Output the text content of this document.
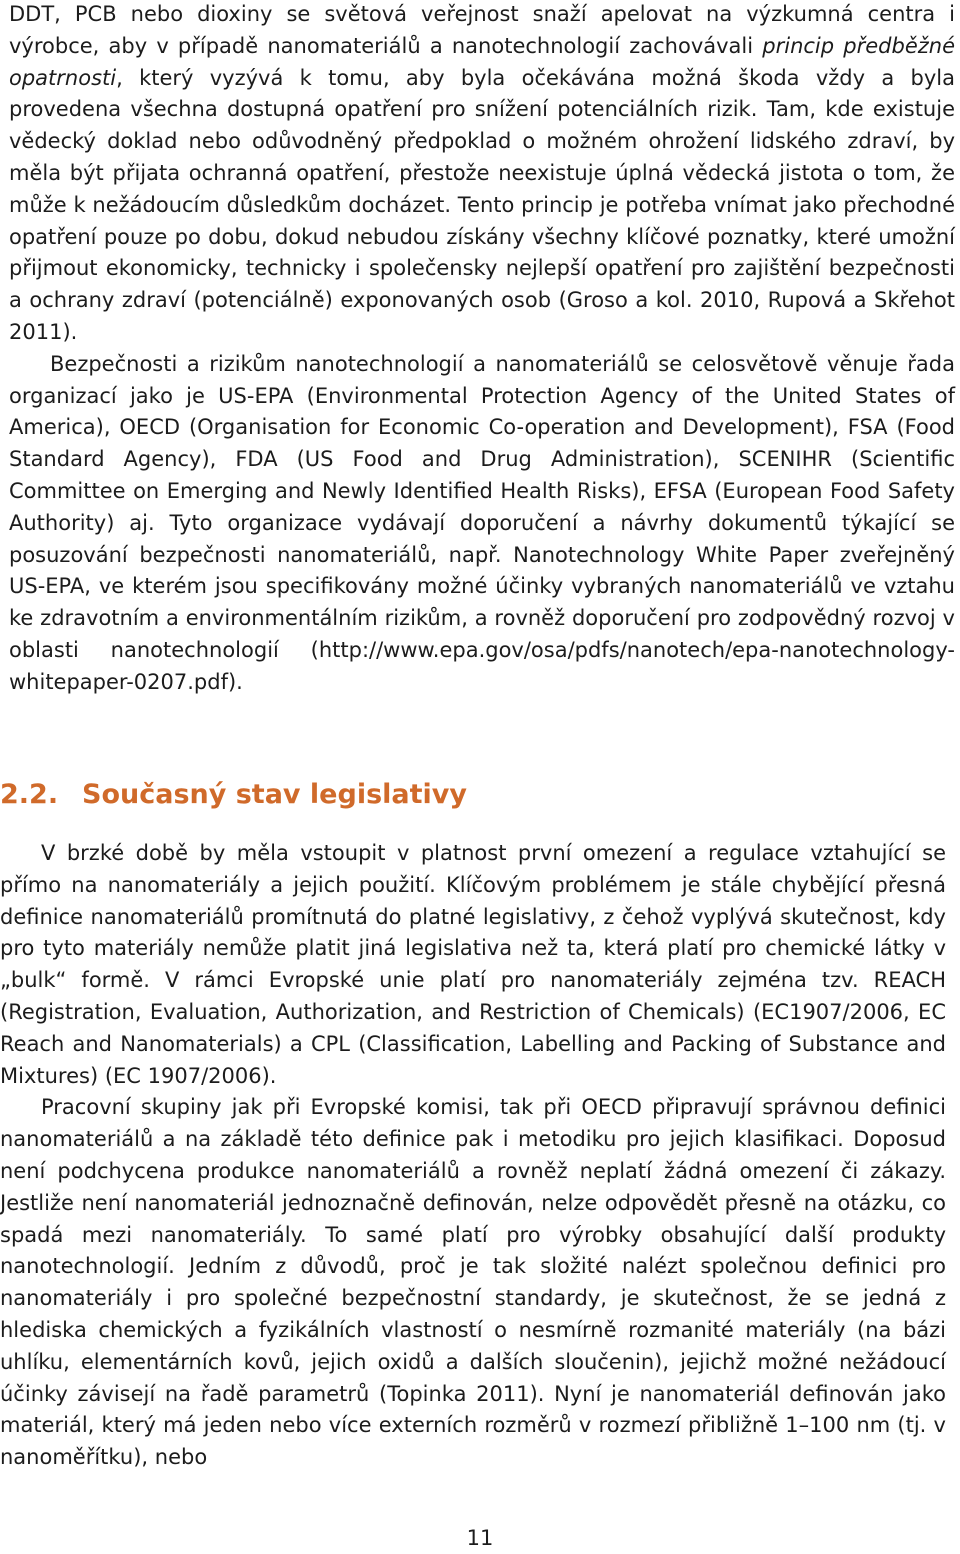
DDT, PCB nebo dioxiny se světová veřejnost snaží apelovat na výzkumná centra i výrobce, aby v případě nanomateriálů a nanotechnologií zachovávali princip předběžné opatrnosti, který vyzývá k tomu, aby byla očekávána možná škoda vždy a byla provedena všechna dostupná opatření pro snížení potenciálních rizik. Tam, kde existuje vědecký doklad nebo odůvodněný předpoklad o možném ohrožení lidského zdraví, by měla být přijata ochranná opatření, přestože neexistuje úplná vědecká jistota o tom, že může k nežádoucím důsledkům docházet. Tento princip je potřeba vnímat jako přechodné opatření pouze po dobu, dokud nebudou získány všechny klíčové poznatky, které umožní přijmout ekonomicky, technicky i společensky nejlepší opatření pro zajištění bezpečnosti a ochrany zdraví (potenciálně) exponovaných osob (Groso a kol. 2010, Rupová a Skřehot 2011).

Bezpečnosti a rizikům nanotechnologií a nanomateriálů se celosvětově věnuje řada organizací jako je US-EPA (Environmental Protection Agency of the United States of America), OECD (Organisation for Economic Co-operation and Development), FSA (Food Standard Agency), FDA (US Food and Drug Administration), SCENIHR (Scientific Committee on Emerging and Newly Identified Health Risks), EFSA (European Food Safety Authority) aj. Tyto organizace vydávají doporučení a návrhy dokumentů týkající se posuzování bezpečnosti nanomateriálů, např. Nanotechnology White Paper zveřejněný US-EPA, ve kterém jsou specifikovány možné účinky vybraných nanomateriálů ve vztahu ke zdravotním a environmentálním rizikům, a rovněž doporučení pro zodpovědný rozvoj v oblasti nanotechnologií (http://www.epa.gov/osa/pdfs/nanotech/epa-nanotechnology-whitepaper-0207.pdf).

2.2. Současný stav legislativy

V brzké době by měla vstoupit v platnost první omezení a regulace vztahující se přímo na nanomateriály a jejich použití. Klíčovým problémem je stále chybějící přesná definice nanomateriálů promítnutá do platné legislativy, z čehož vyplývá skutečnost, kdy pro tyto materiály nemůže platit jiná legislativa než ta, která platí pro chemické látky v „bulk“ formě. V rámci Evropské unie platí pro nanomateriály zejména tzv. REACH (Registration, Evaluation, Authorization, and Restriction of Chemicals) (EC1907/2006, EC Reach and Nanomaterials) a CPL (Classification, Labelling and Packing of Substance and Mixtures) (EC 1907/2006).

Pracovní skupiny jak při Evropské komisi, tak při OECD připravují správnou definici nanomateriálů a na základě této definice pak i metodiku pro jejich klasifikaci. Doposud není podchycena produkce nanomateriálů a rovněž neplatí žádná omezení či zákazy. Jestliže není nanomateriál jednoznačně definován, nelze odpovědět přesně na otázku, co spadá mezi nanomateriály. To samé platí pro výrobky obsahující další produkty nanotechnologií. Jedním z důvodů, proč je tak složité nalézt společnou definici pro nanomateriály i pro společné bezpečnostní standardy, je skutečnost, že se jedná z hlediska chemických a fyzikálních vlastností o nesmírně rozmanité materiály (na bázi uhlíku, elementárních kovů, jejich oxidů a dalších sloučenin), jejichž možné nežádoucí účinky závisejí na řadě parametrů (Topinka 2011). Nyní je nanomateriál definován jako materiál, který má jeden nebo více externích rozměrů v rozmezí přibližně 1–100 nm (tj. v nanoměřítku), nebo

11
